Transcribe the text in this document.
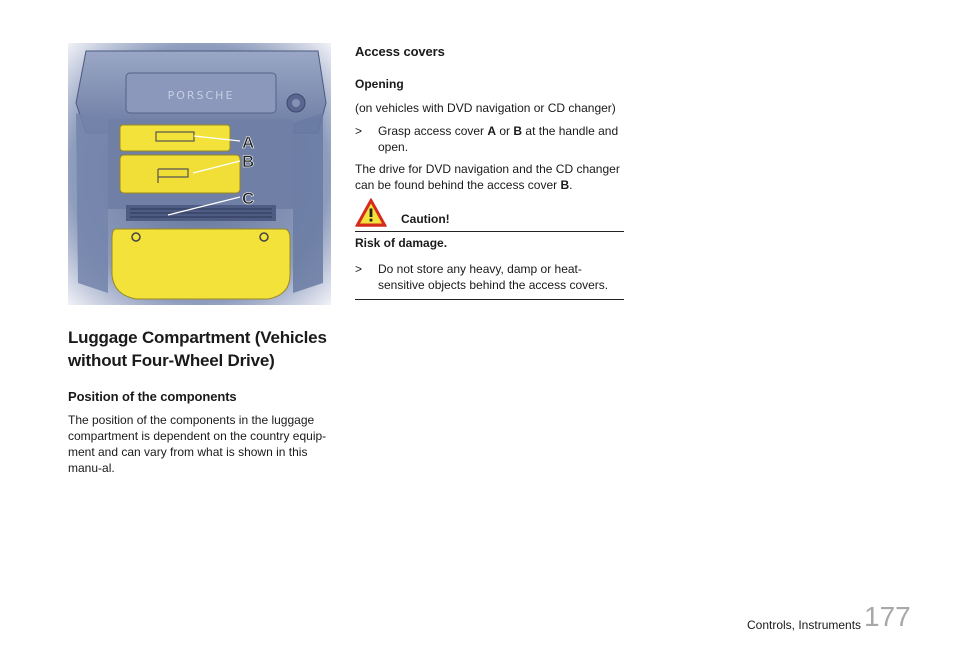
PORSCHE
A
B
C
Luggage Compartment (Vehicles without Four-Wheel Drive)
Position of the components
The position of the components in the luggage compartment is dependent on the country equip-ment and can vary from what is shown in this manu-al.
Access covers
Opening
(on vehicles with DVD navigation or CD changer)
>	Grasp access cover A or B at the handle and open.
The drive for DVD navigation and the CD changer can be found behind the access cover B.
Caution!
Risk of damage.
>	Do not store any heavy, damp or heat-sensitive objects behind the access covers.
Controls, Instruments 177
